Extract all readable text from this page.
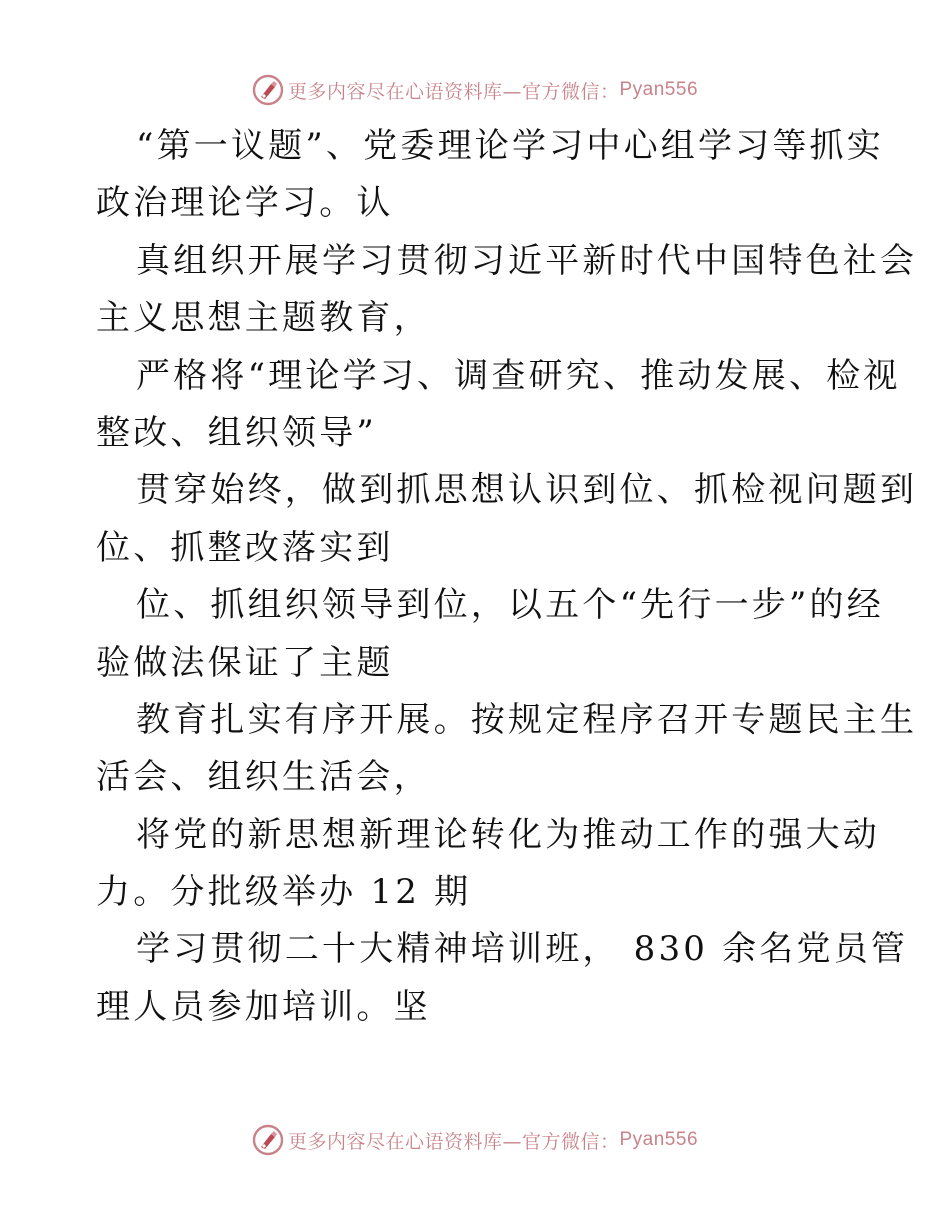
更多内容尽在心语资料库—官方微信： Pyan556
“第一议题”、党委理论学习中心组学习等抓实
政治理论学习。认
真组织开展学习贯彻习近平新时代中国特色社会
主义思想主题教育，
严格将“理论学习、调查研究、推动发展、检视
整改、组织领导”
贯穿始终，做到抓思想认识到位、抓检视问题到
位、抓整改落实到
位、抓组织领导到位，以五个“先行一步”的经
验做法保证了主题
教育扎实有序开展。按规定程序召开专题民主生
活会、组织生活会，
将党的新思想新理论转化为推动工作的强大动
力。分批级举办 12 期
学习贯彻二十大精神培训班， 830 余名党员管
理人员参加培训。坚
更多内容尽在心语资料库—官方微信： Pyan556
